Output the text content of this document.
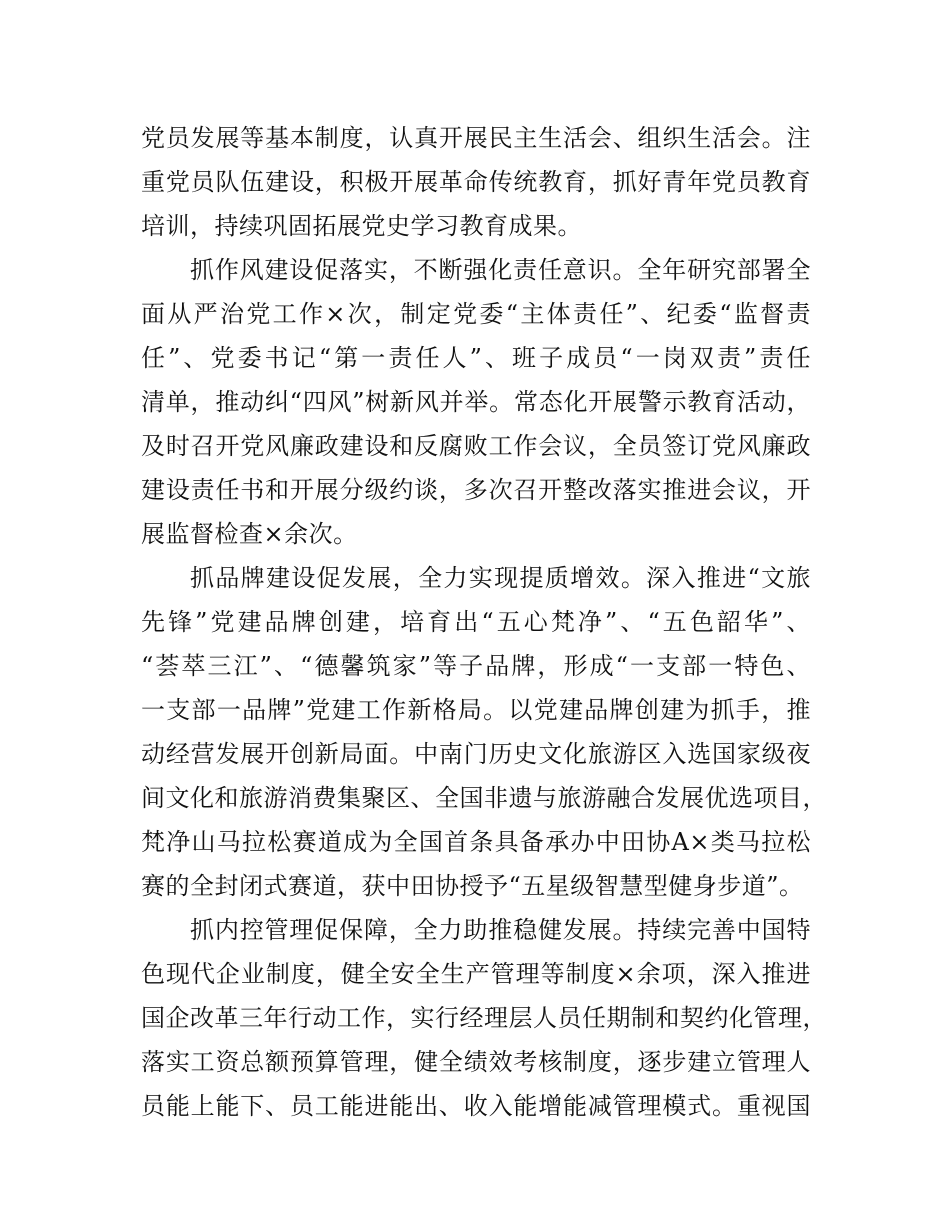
党员发展等基本制度，认真开展民主生活会、组织生活会。注
重党员队伍建设，积极开展革命传统教育，抓好青年党员教育
培训，持续巩固拓展党史学习教育成果。
抓作风建设促落实，不断强化责任意识。全年研究部署全
面从严治党工作×次，制定党委“主体责任”、纪委“监督责
任”、党委书记“第一责任人”、班子成员“一岗双责”责任
清单，推动纠“四风”树新风并举。常态化开展警示教育活动，
及时召开党风廉政建设和反腐败工作会议，全员签订党风廉政
建设责任书和开展分级约谈，多次召开整改落实推进会议，开
展监督检查×余次。
抓品牌建设促发展，全力实现提质增效。深入推进“文旅
先锋”党建品牌创建，培育出“五心梵净”、“五色韶华”、
“荟萃三江”、“德馨筑家”等子品牌，形成“一支部一特色、
一支部一品牌”党建工作新格局。以党建品牌创建为抓手，推
动经营发展开创新局面。中南门历史文化旅游区入选国家级夜
间文化和旅游消费集聚区、全国非遗与旅游融合发展优选项目，
梵净山马拉松赛道成为全国首条具备承办中田协A×类马拉松
赛的全封闭式赛道，获中田协授予“五星级智慧型健身步道”。
抓内控管理促保障，全力助推稳健发展。持续完善中国特
色现代企业制度，健全安全生产管理等制度×余项，深入推进
国企改革三年行动工作，实行经理层人员任期制和契约化管理，
落实工资总额预算管理，健全绩效考核制度，逐步建立管理人
员能上能下、员工能进能出、收入能增能减管理模式。重视国
